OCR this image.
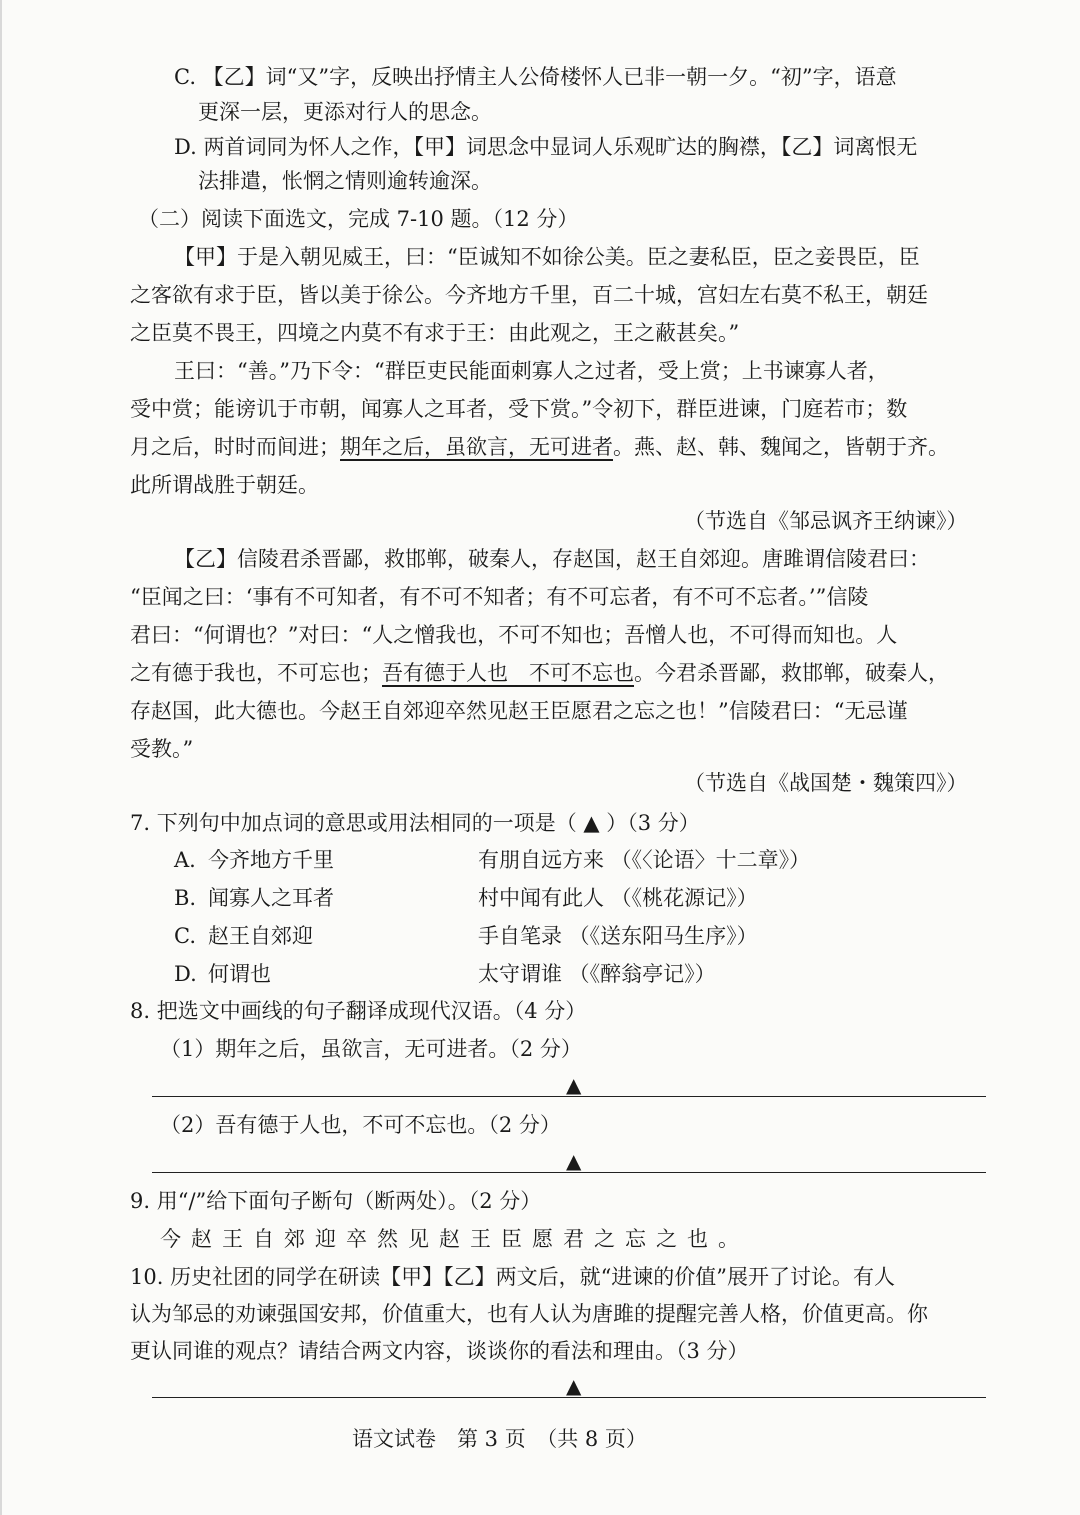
C. 【乙】词“又”字，反映出抒情主人公倚楼怀人已非一朝一夕。“初”字，语意
更深一层，更添对行人的思念。
D. 两首词同为怀人之作，【甲】词思念中显词人乐观旷达的胸襟，【乙】词离恨无
法排遣，怅惘之情则逾转逾深。
（二）阅读下面选文，完成 7-10 题。（12 分）
【甲】于是入朝见威王，曰：“臣诚知不如徐公美。臣之妻私臣，臣之妾畏臣，臣
之客欲有求于臣，皆以美于徐公。今齐地方千里，百二十城，宫妇左右莫不私王，朝廷
之臣莫不畏王，四境之内莫不有求于王：由此观之，王之蔽甚矣。”
王曰：“善。”乃下令：“群臣吏民能面刺寡人之过者，受上赏；上书谏寡人者，
受中赏；能谤讥于市朝，闻寡人之耳者，受下赏。”令初下，群臣进谏，门庭若市；数
月之后，时时而间进；期年之后，虽欲言，无可进者。燕、赵、韩、魏闻之，皆朝于齐。
此所谓战胜于朝廷。
（节选自《邹忌讽齐王纳谏》）
【乙】信陵君杀晋鄙，救邯郸，破秦人，存赵国，赵王自郊迎。唐雎谓信陵君曰：
“臣闻之曰：‘事有不可知者，有不可不知者；有不可忘者，有不可不忘者。’”信陵
君曰：“何谓也？”对曰：“人之憎我也，不可不知也；吾憎人也，不可得而知也。人
之有德于我也，不可忘也；吾有德于人也　不可不忘也。今君杀晋鄙，救邯郸，破秦人，
存赵国，此大德也。今赵王自郊迎卒然见赵王臣愿君之忘之也！”信陵君曰：“无忌谨
受教。”
（节选自《战国楚・魏策四》）
7. 下列句中加点词的意思或用法相同的一项是（ ▲ ）（3 分）
A. 今齐地方千里	有朋自远方来 （《〈论语〉十二章》）
B. 闻寡人之耳者	村中闻有此人 （《桃花源记》）
C. 赵王自郊迎	手自笔录 （《送东阳马生序》）
D. 何谓也	太守谓谁 （《醉翁亭记》）
8. 把选文中画线的句子翻译成现代汉语。（4 分）
（1）期年之后，虽欲言，无可进者。（2 分）
▲
（2）吾有德于人也，不可不忘也。（2 分）
▲
9. 用“/”给下面句子断句（断两处）。（2 分）
今赵王自郊迎卒然见赵王臣愿君之忘之也。
10. 历史社团的同学在研读【甲】【乙】两文后，就“进谏的价值”展开了讨论。有人
认为邹忌的劝谏强国安邦，价值重大，也有人认为唐雎的提醒完善人格，价值更高。你
更认同谁的观点？请结合两文内容，谈谈你的看法和理由。（3 分）
▲
语文试卷　第 3 页　（共 8 页）
